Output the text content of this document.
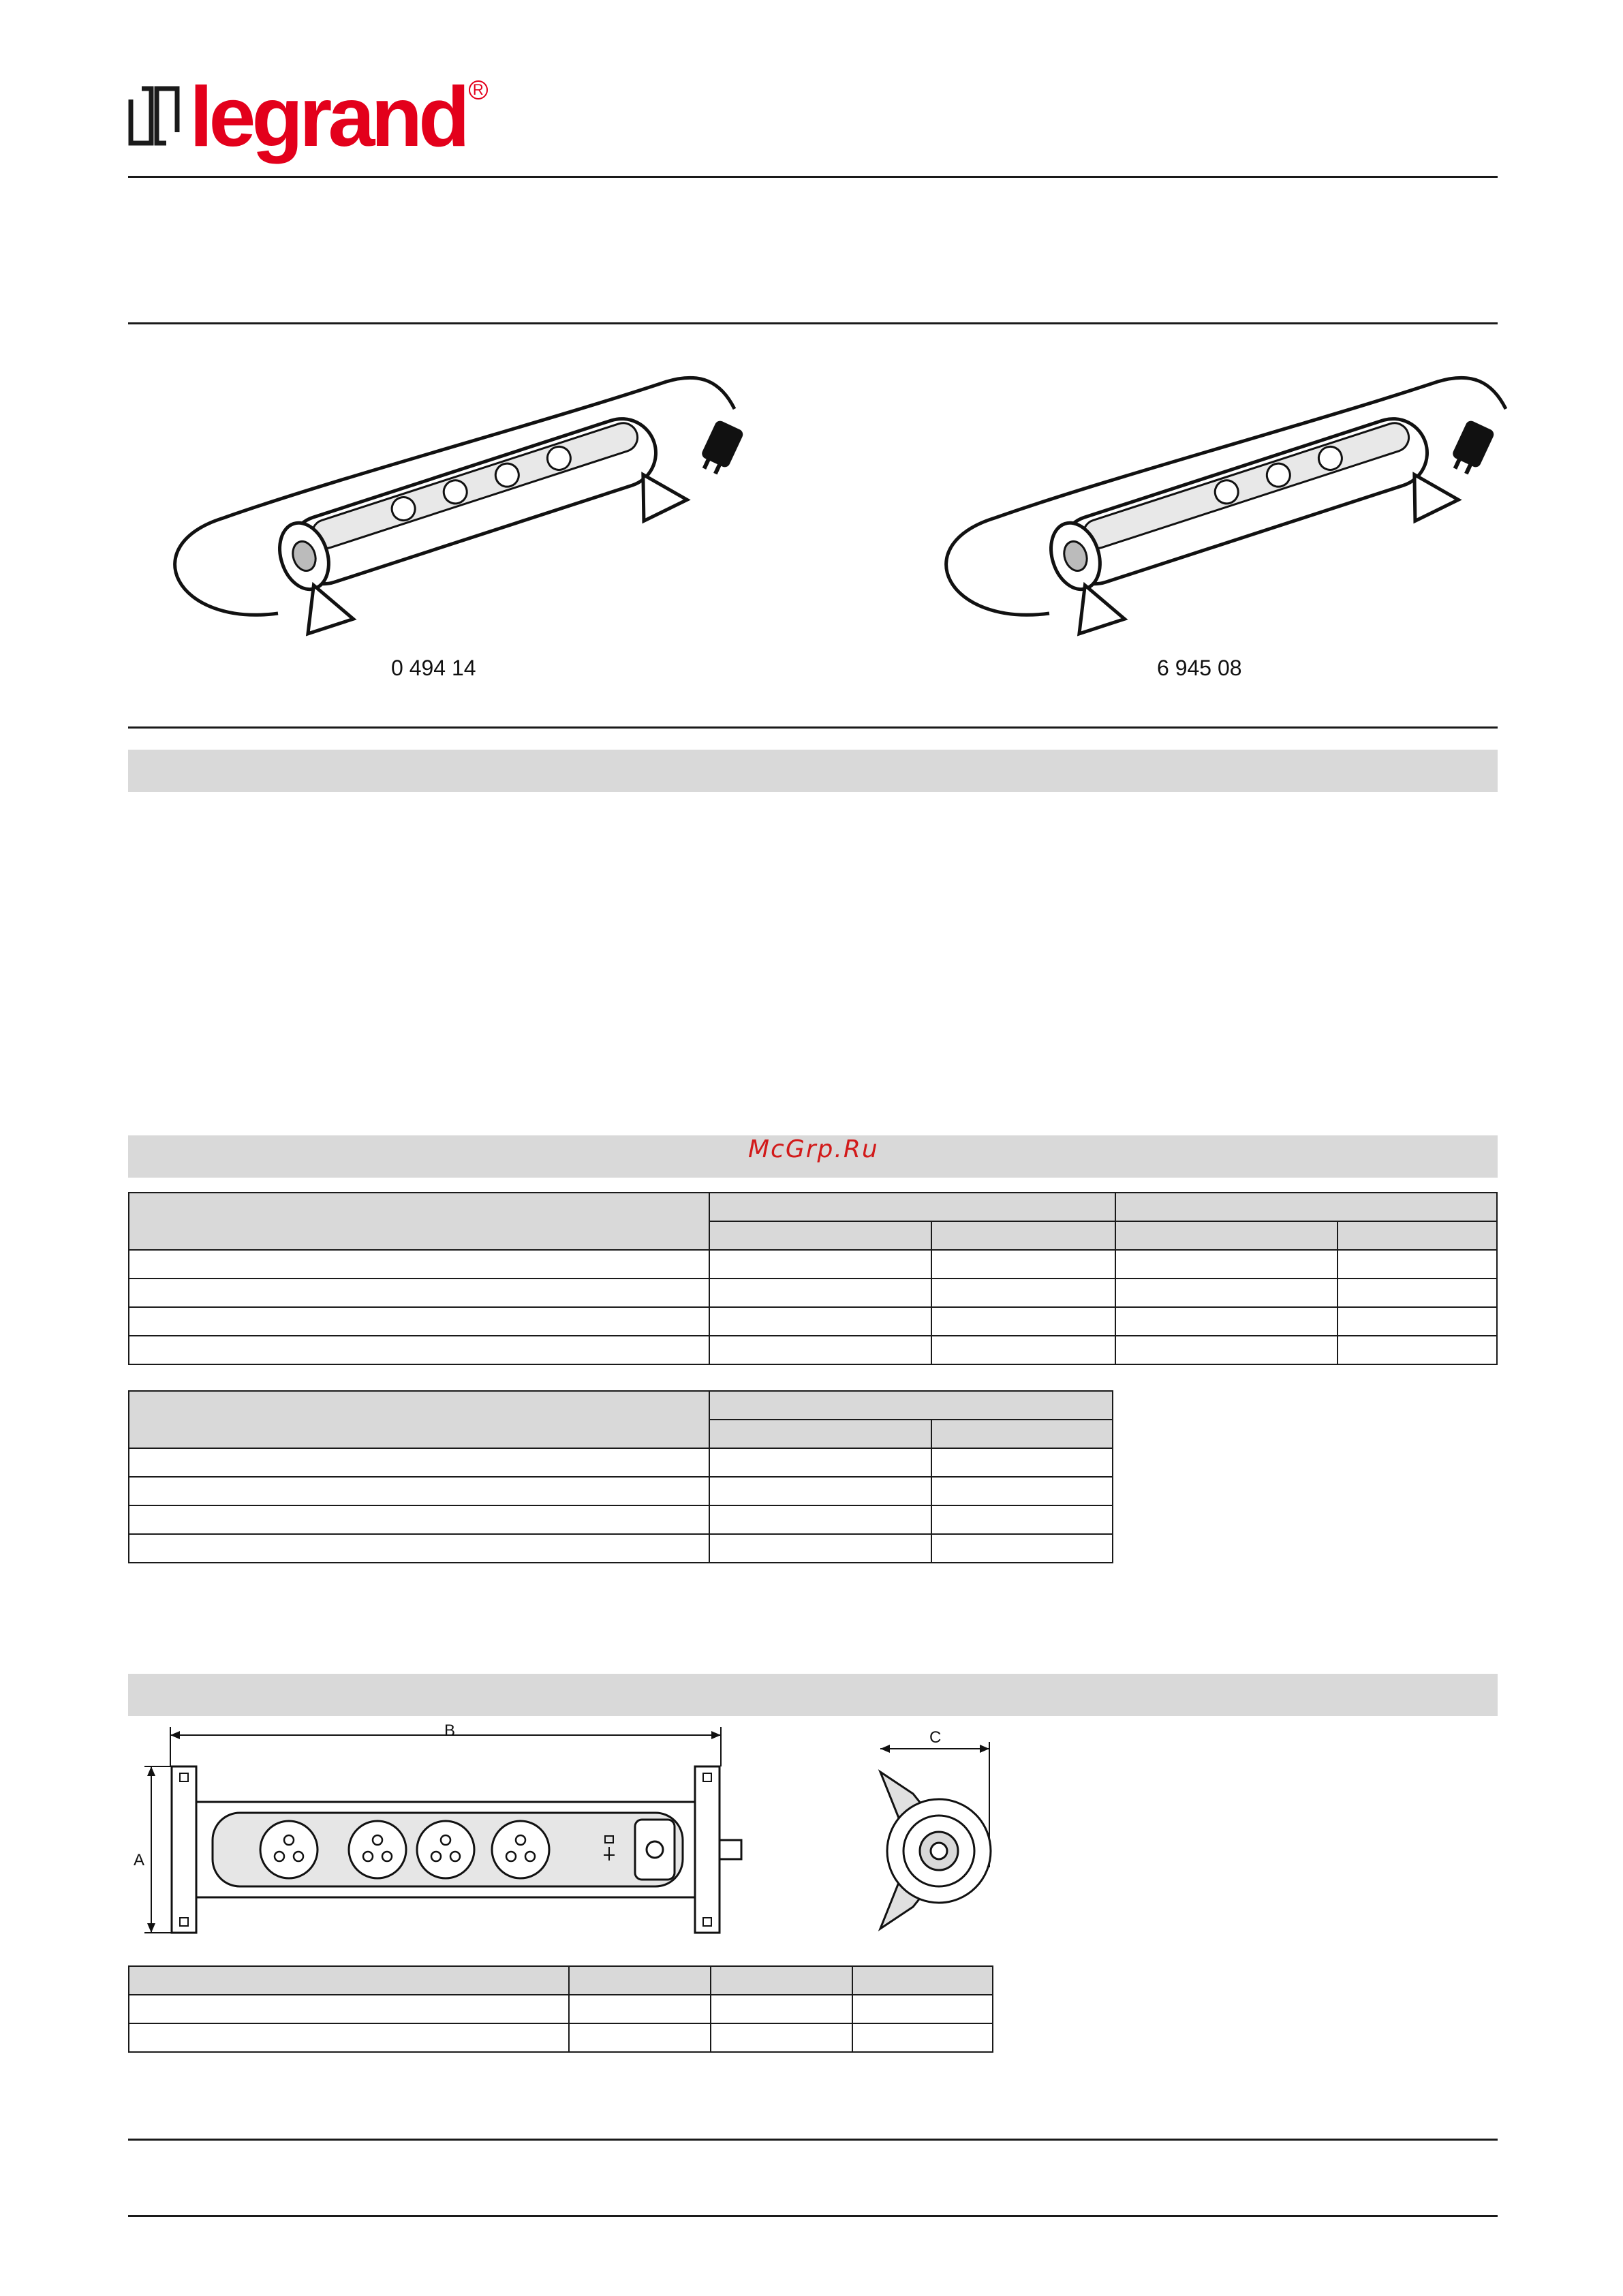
legrand R
0 494 14	6 945 08
McGrp.Ru

B
A
C
